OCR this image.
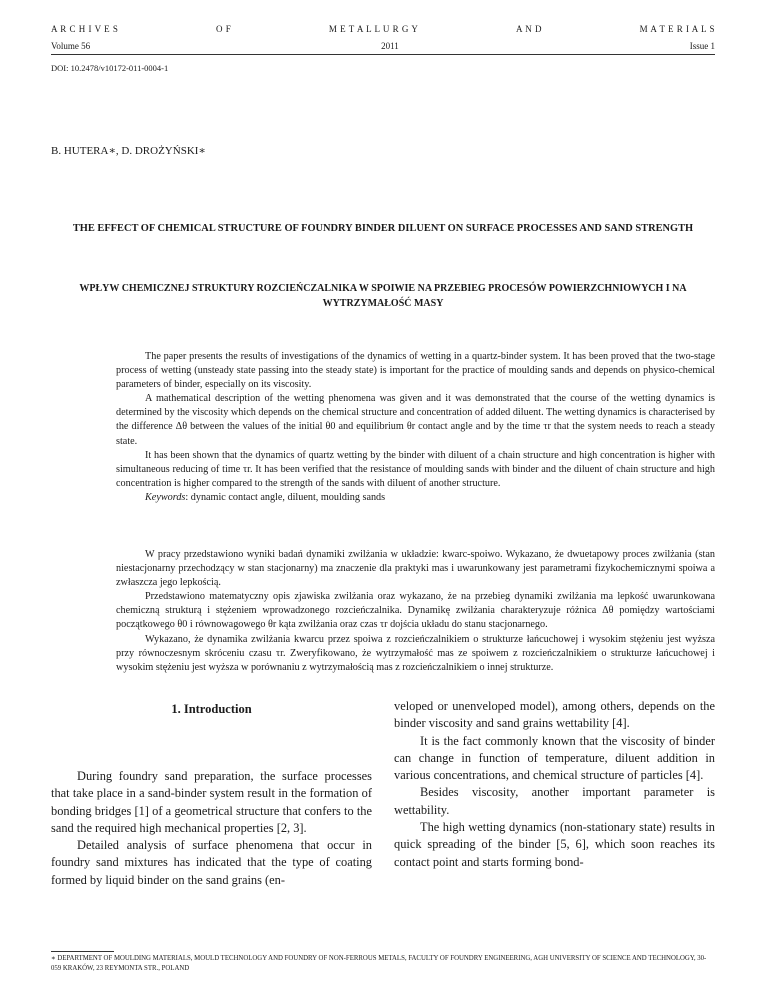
A R C H I V E S	O F	M E T A L L U R G Y	A N D	M A T E R I A L S
Volume 56	2011	Issue 1
DOI: 10.2478/v10172-011-0004-1
B. HUTERA∗, D. DROŻYŃSKI∗
THE EFFECT OF CHEMICAL STRUCTURE OF FOUNDRY BINDER DILUENT ON SURFACE PROCESSES AND SAND STRENGTH
WPŁYW CHEMICZNEJ STRUKTURY ROZCIEŃCZALNIKA W SPOIWIE NA PRZEBIEG PROCESÓW POWIERZCHNIOWYCH I NA WYTRZYMAŁOŚĆ MASY

The paper presents the results of investigations of the dynamics of wetting in a quartz-binder system. It has been proved that the two-stage process of wetting (unsteady state passing into the steady state) is important for the practice of moulding sands and depends on physico-chemical parameters of binder, especially on its viscosity.

A mathematical description of the wetting phenomena was given and it was demonstrated that the course of the wetting dynamics is determined by the viscosity which depends on the chemical structure and concentration of added diluent. The wetting dynamics is characterised by the difference Δθ between the values of the initial θ0 and equilibrium θr contact angle and by the time τr that the system needs to reach a steady state.

It has been shown that the dynamics of quartz wetting by the binder with diluent of a chain structure and high concentration is higher with simultaneous reducing of time τr. It has been verified that the resistance of moulding sands with binder and the diluent of chain structure and high concentration is higher compared to the strength of the sands with diluent of another structure.

Keywords: dynamic contact angle, diluent, moulding sands

W pracy przedstawiono wyniki badań dynamiki zwilżania w układzie: kwarc-spoiwo. Wykazano, że dwuetapowy proces zwilżania (stan niestacjonarny przechodzący w stan stacjonarny) ma znaczenie dla praktyki mas i uwarunkowany jest parametrami fizykochemicznymi spoiwa a zwłaszcza jego lepkością.

Przedstawiono matematyczny opis zjawiska zwilżania oraz wykazano, że na przebieg dynamiki zwilżania ma lepkość uwarunkowana chemiczną strukturą i stężeniem wprowadzonego rozcieńczalnika. Dynamikę zwilżania charakteryzuje różnica Δθ pomiędzy wartościami początkowego θ0 i równowagowego θr kąta zwilżania oraz czas τr dojścia układu do stanu stacjonarnego.

Wykazano, że dynamika zwilżania kwarcu przez spoiwa z rozcieńczalnikiem o strukturze łańcuchowej i wysokim stężeniu jest wyższa przy równoczesnym skróceniu czasu τr. Zweryfikowano, że wytrzymałość mas ze spoiwem z rozcieńczalnikiem o strukturze łańcuchowej i wysokim stężeniu jest wyższa w porównaniu z wytrzymałością mas z rozcieńczalnikiem o innej strukturze.

1. Introduction

During foundry sand preparation, the surface processes that take place in a sand-binder system result in the formation of bonding bridges [1] of a geometrical structure that confers to the sand the required high mechanical properties [2, 3].

Detailed analysis of surface phenomena that occur in foundry sand mixtures has indicated that the type of coating formed by liquid binder on the sand grains (en-

veloped or unenveloped model), among others, depends on the binder viscosity and sand grains wettability [4].

It is the fact commonly known that the viscosity of binder can change in function of temperature, diluent addition in various concentrations, and chemical structure of particles [4].

Besides viscosity, another important parameter is wettability.

The high wetting dynamics (non-stationary state) results in quick spreading of the binder [5, 6], which soon reaches its contact point and starts forming bond-

∗ DEPARTMENT OF MOULDING MATERIALS, MOULD TECHNOLOGY AND FOUNDRY OF NON-FERROUS METALS, FACULTY OF FOUNDRY ENGINEERING, AGH UNIVERSITY OF SCIENCE AND TECHNOLOGY, 30-059 KRAKÓW, 23 REYMONTA STR., POLAND
